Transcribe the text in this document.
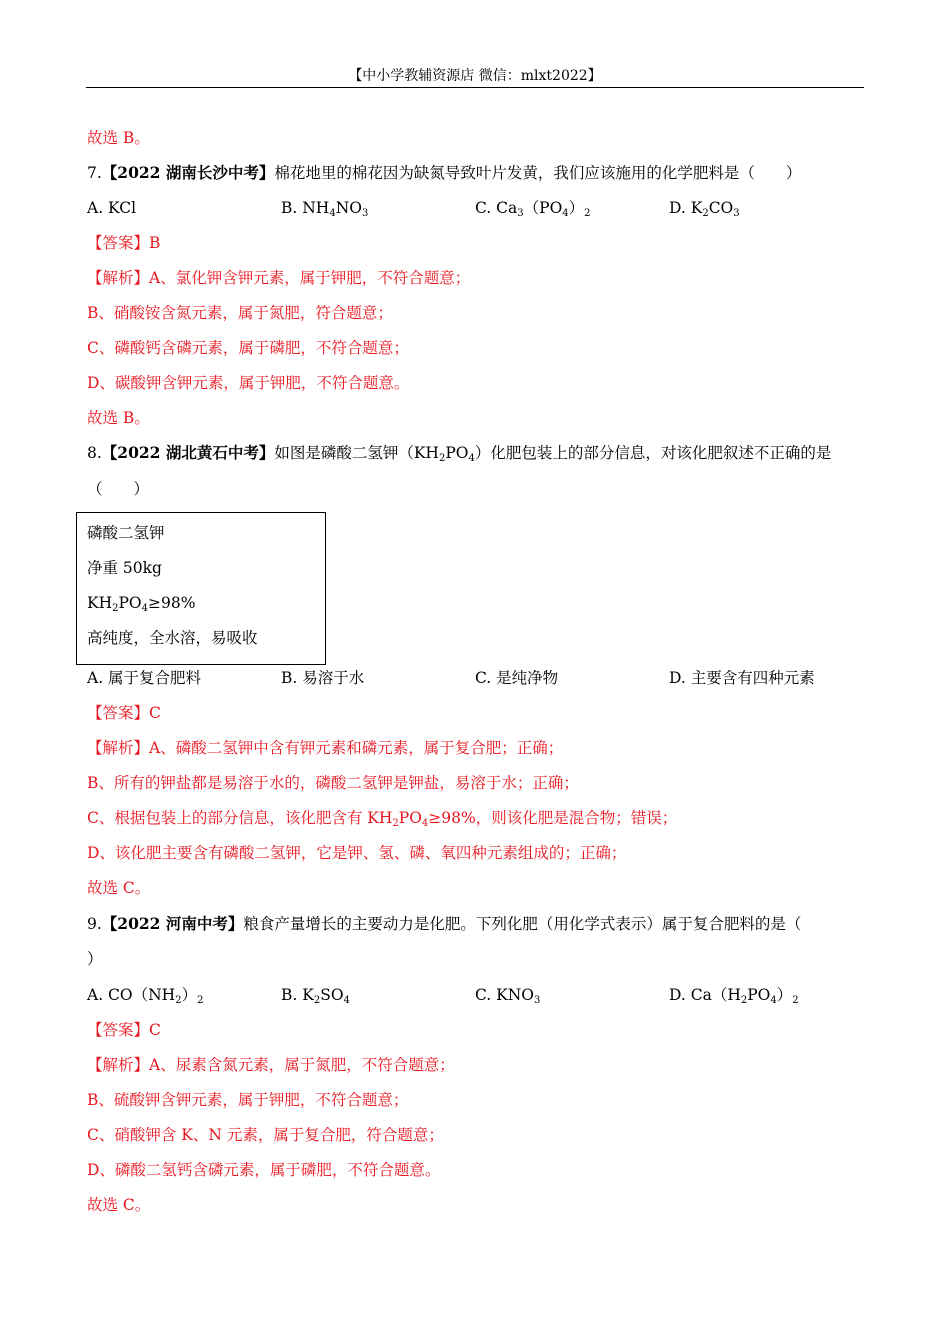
【中小学教辅资源店 微信：mlxt2022】
故选 B。
7.【2022 湖南长沙中考】棉花地里的棉花因为缺氮导致叶片发黄，我们应该施用的化学肥料是（　　）
A. KCl	B. $NH_4NO_3$	C. $Ca_3(PO_4)_2$	D. $K_2CO_3$
【答案】B
【解析】A、氯化钾含钾元素，属于钾肥，不符合题意；
B、硝酸铵含氮元素，属于氮肥，符合题意；
C、磷酸钙含磷元素，属于磷肥，不符合题意；
D、碳酸钾含钾元素，属于钾肥，不符合题意。
故选 B。
8.【2022 湖北黄石中考】如图是磷酸二氢钾$(KH_2PO_4)$化肥包装上的部分信息，对该化肥叙述不正确的是
（　　）
磷酸二氢钾
净重 50kg
$KH_2PO_4\ge 98\%$
高纯度，全水溶，易吸收
A. 属于复合肥料	B. 易溶于水	C. 是纯净物	D. 主要含有四种元素
【答案】C
【解析】A、磷酸二氢钾中含有钾元素和磷元素，属于复合肥；正确；
B、所有的钾盐都是易溶于水的，磷酸二氢钾是钾盐，易溶于水；正确；
C、根据包装上的部分信息，该化肥含有 $KH_2PO_4\ge 98\%$，则该化肥是混合物；错误；
D、该化肥主要含有磷酸二氢钾，它是钾、氢、磷、氧四种元素组成的；正确；
故选 C。
9.【2022 河南中考】粮食产量增长的主要动力是化肥。下列化肥（用化学式表示）属于复合肥料的是（
）
A. $CO(NH_2)_2$	B. $K_2SO_4$	C. $KNO_3$	D. $Ca(H_2PO_4)_2$
【答案】C
【解析】A、尿素含氮元素，属于氮肥，不符合题意；
B、硫酸钾含钾元素，属于钾肥，不符合题意；
C、硝酸钾含 K、N 元素，属于复合肥，符合题意；
D、磷酸二氢钙含磷元素，属于磷肥，不符合题意。
故选 C。
